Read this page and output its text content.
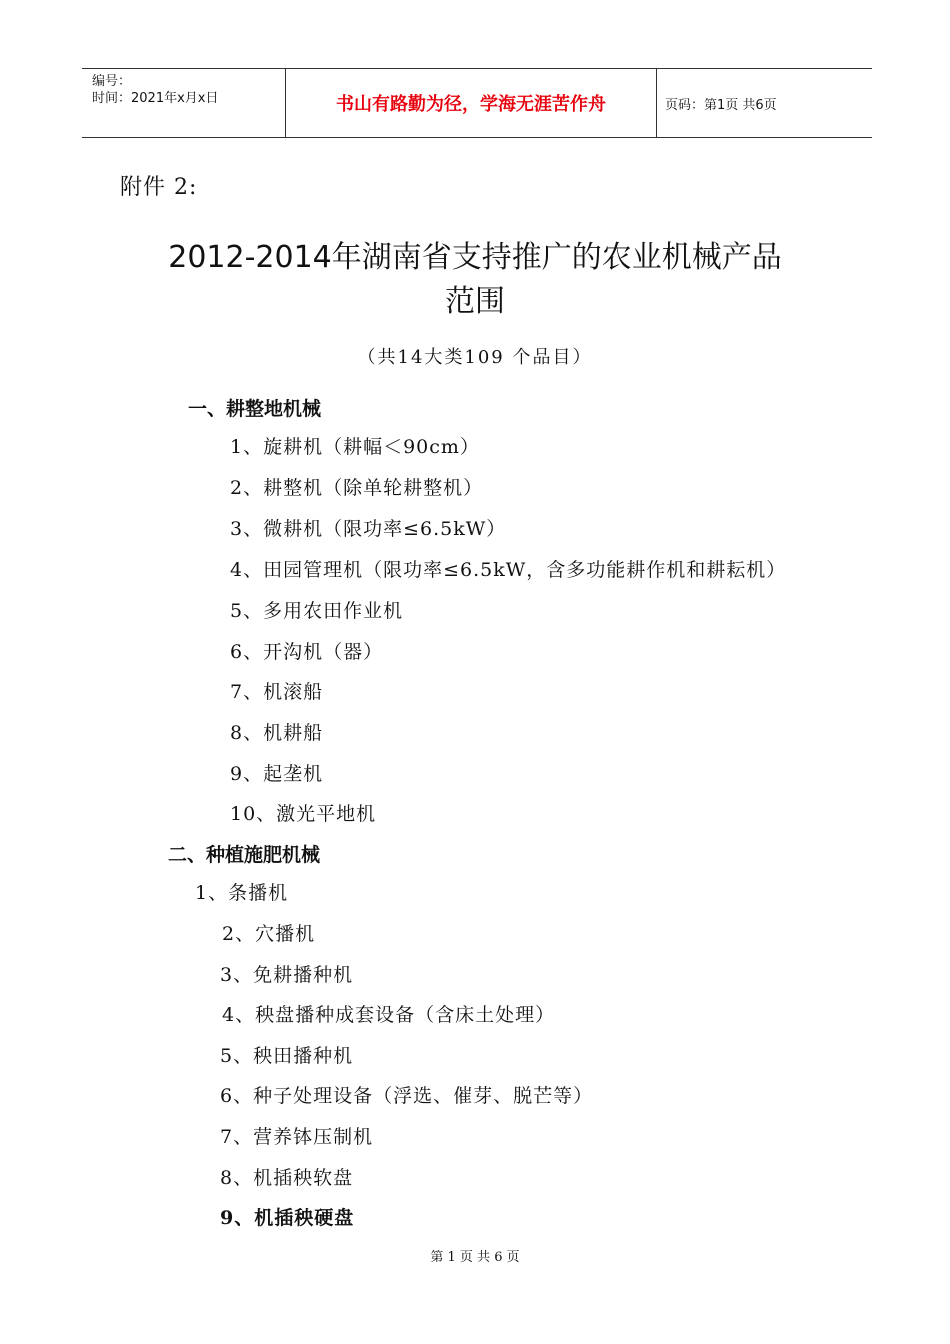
编号：
时间：2021年x月x日	书山有路勤为径，学海无涯苦作舟	页码：第1页 共6页
附件 2:
2012-2014年湖南省支持推广的农业机械产品
范围
（共14大类109 个品目）
一、耕整地机械
1、旋耕机（耕幅＜90cm）
2、耕整机（除单轮耕整机）
3、微耕机（限功率≤6.5kW）
4、田园管理机（限功率≤6.5kW，含多功能耕作机和耕耘机）
5、多用农田作业机
6、开沟机（器）
7、机滚船
8、机耕船
9、起垄机
10、激光平地机
二、种植施肥机械
1、条播机
2、穴播机
3、免耕播种机
4、秧盘播种成套设备（含床土处理）
5、秧田播种机
6、种子处理设备（浮选、催芽、脱芒等）
7、营养钵压制机
8、机插秧软盘
9、机插秧硬盘
第 1 页 共 6 页
